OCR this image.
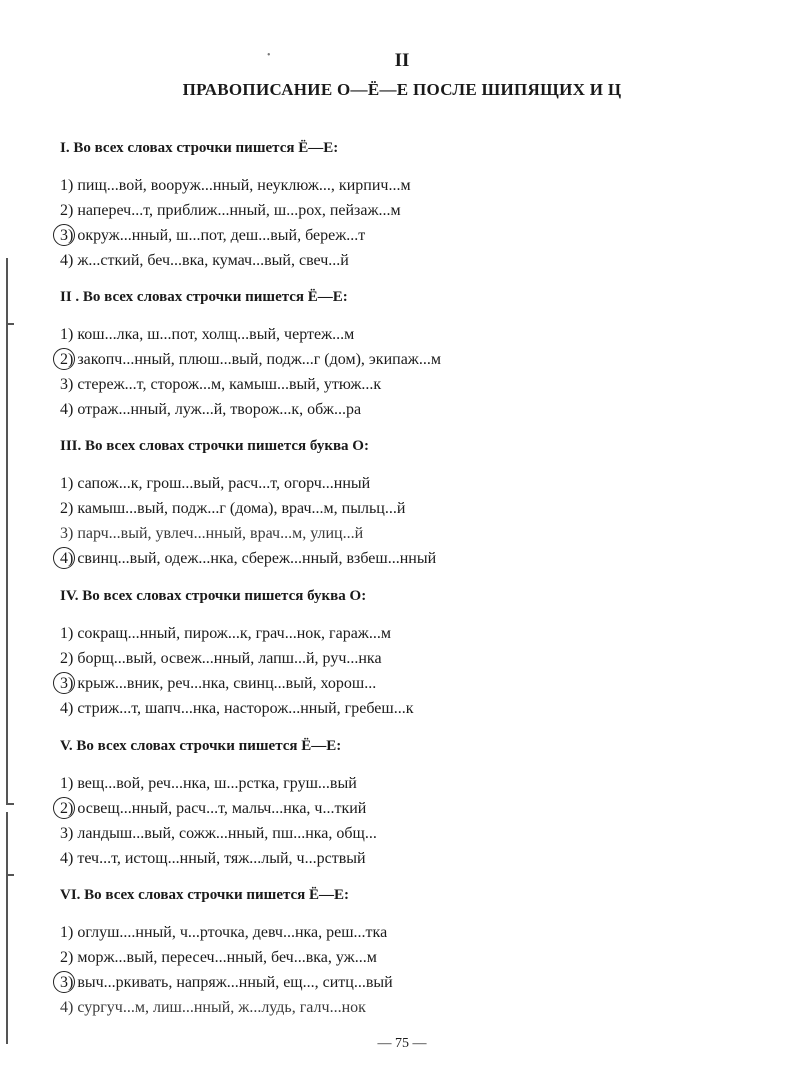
•	II
ПРАВОПИСАНИЕ О—Ё—Е ПОСЛЕ ШИПЯЩИХ И Ц
I. Во всех словах строчки пишется Ё—Е:
1) пищ...вой, вооруж...нный, неуклюж..., кирпич...м
2) напереч...т, приближ...нный, ш...рох, пейзаж...м
3) окруж...нный, ш...пот, деш...вый, береж...т
4) ж...сткий, беч...вка, кумач...вый, свеч...й
II . Во всех словах строчки пишется Ё—Е:
1) кош...лка, ш...пот, холщ...вый, чертеж...м
2) закопч...нный, плюш...вый, подж...г (дом), экипаж...м
3) стереж...т, сторож...м, камыш...вый, утюж...к
4) отраж...нный, луж...й, творож...к, обж...ра
III. Во всех словах строчки пишется буква О:
1) сапож...к, грош...вый, расч...т, огорч...нный
2) камыш...вый, подж...г (дома), врач...м, пыльц...й
3) парч...вый, увлеч...нный, врач...м, улиц...й
4) свинц...вый, одеж...нка, сбереж...нный, взбеш...нный
IV. Во всех словах строчки пишется буква О:
1) сокращ...нный, пирож...к, грач...нок, гараж...м
2) борщ...вый, освеж...нный, лапш...й, руч...нка
3) крыж...вник, реч...нка, свинц...вый, хорош...
4) стриж...т, шапч...нка, насторож...нный, гребеш...к
V. Во всех словах строчки пишется Ё—Е:
1) вещ...вой, реч...нка, ш...рстка, груш...вый
2) освещ...нный, расч...т, мальч...нка, ч...ткий
3) ландыш...вый, сожж...нный, пш...нка, общ...
4) теч...т, истощ...нный, тяж...лый, ч...рствый
VI. Во всех словах строчки пишется Ё—Е:
1) оглуш....нный, ч...рточка, девч...нка, реш...тка
2) морж...вый, пересеч...нный, беч...вка, уж...м
3) выч...ркивать, напряж...нный, ещ..., ситц...вый
4) сургуч...м, лиш...нный, ж...лудь, галч...нок
— 75 —
